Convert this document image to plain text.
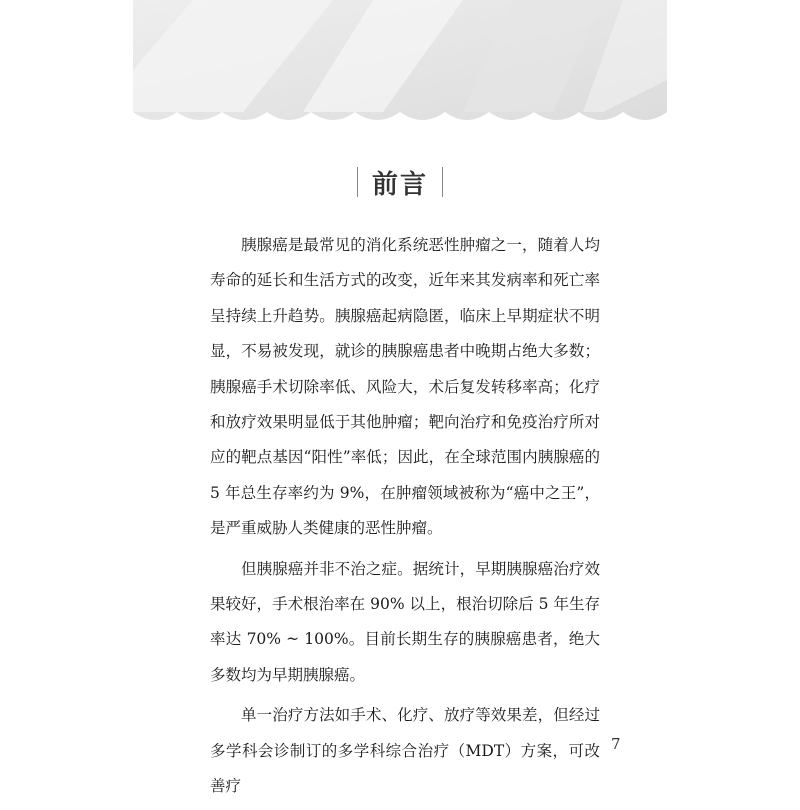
前言

胰腺癌是最常见的消化系统恶性肿瘤之一，随着人均寿命的延长和生活方式的改变，近年来其发病率和死亡率呈持续上升趋势。胰腺癌起病隐匿，临床上早期症状不明显，不易被发现，就诊的胰腺癌患者中晚期占绝大多数；胰腺癌手术切除率低、风险大，术后复发转移率高；化疗和放疗效果明显低于其他肿瘤；靶向治疗和免疫治疗所对应的靶点基因“阳性”率低；因此，在全球范围内胰腺癌的 5 年总生存率约为 9%，在肿瘤领域被称为“癌中之王”，是严重威胁人类健康的恶性肿瘤。

但胰腺癌并非不治之症。据统计，早期胰腺癌治疗效果较好，手术根治率在 90% 以上，根治切除后 5 年生存率达 70% ~ 100%。目前长期生存的胰腺癌患者，绝大多数均为早期胰腺癌。

单一治疗方法如手术、化疗、放疗等效果差，但经过多学科会诊制订的多学科综合治疗（MDT）方案，可改善疗

7
